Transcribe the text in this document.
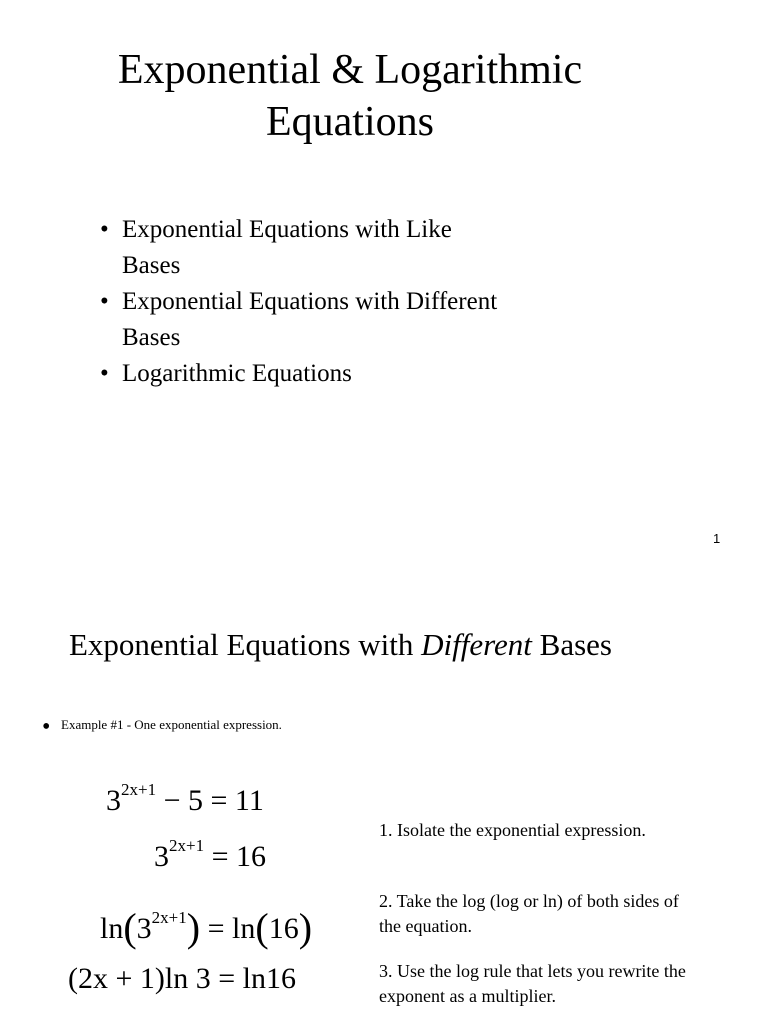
Exponential & Logarithmic
Equations
• Exponential Equations with Like
Bases
• Exponential Equations with Different
Bases
• Logarithmic Equations
1
Exponential Equations with Different Bases
• Example #1 - One exponential expression.
$3^{2x+1} - 5 = 11$
$3^{2x+1} = 16$
$\ln(3^{2x+1}) = \ln(16)$
(2x + 1)ln 3 = ln16
1. Isolate the exponential expression.
2. Take the log (log or ln) of both sides of the equation.
3. Use the log rule that lets you rewrite the exponent as a multiplier.
